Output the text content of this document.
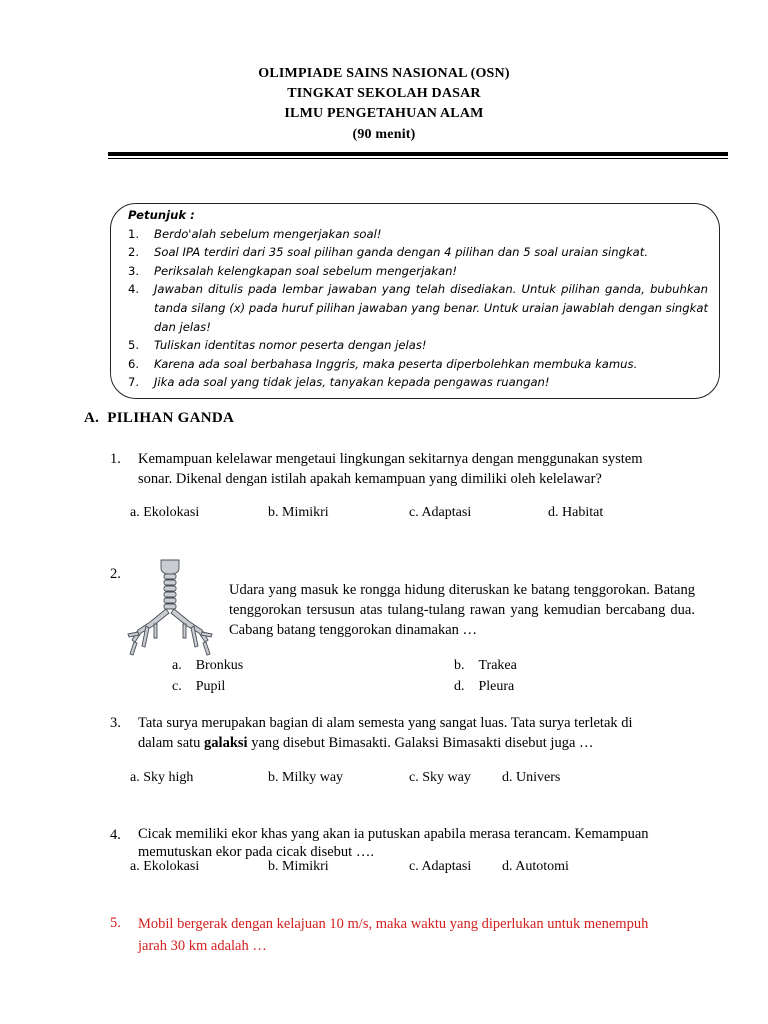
OLIMPIADE SAINS NASIONAL (OSN)
TINGKAT SEKOLAH DASAR
ILMU PENGETAHUAN ALAM
(90 menit)
Petunjuk :
1.	Berdo'alah sebelum mengerjakan soal!
2.	Soal IPA terdiri dari 35 soal pilihan ganda dengan 4 pilihan dan 5 soal uraian singkat.
3.	Periksalah kelengkapan soal sebelum mengerjakan!
4.	Jawaban ditulis pada lembar jawaban yang telah disediakan. Untuk pilihan ganda, bubuhkan tanda silang (x) pada huruf pilihan jawaban yang benar. Untuk uraian jawablah dengan singkat dan jelas!
5.	Tuliskan identitas nomor peserta dengan jelas!
6.	Karena ada soal berbahasa Inggris, maka peserta diperbolehkan membuka kamus.
7.	Jika ada soal yang tidak jelas, tanyakan kepada pengawas ruangan!
A. PILIHAN GANDA
1.	Kemampuan kelelawar mengetaui lingkungan sekitarnya dengan menggunakan system
sonar. Dikenal dengan istilah apakah kemampuan yang dimiliki oleh kelelawar?
a. Ekolokasi	b. Mimikri	c. Adaptasi	d. Habitat
2.
Udara yang masuk ke rongga hidung diteruskan ke batang tenggorokan. Batang tenggorokan tersusun atas tulang-tulang rawan yang kemudian bercabang dua. Cabang batang tenggorokan dinamakan …
a. Bronkus	b. Trakea
c. Pupil	d. Pleura
3. Tata surya merupakan bagian di alam semesta yang sangat luas. Tata surya terletak di
dalam satu galaksi yang disebut Bimasakti. Galaksi Bimasakti disebut juga …
a. Sky high	b. Milky way	c. Sky way d. Univers
4. Cicak memiliki ekor khas yang akan ia putuskan apabila merasa terancam. Kemampuan
memutuskan ekor pada cicak disebut ….
a. Ekolokasi	b. Mimikri	c. Adaptasi d. Autotomi
5. Mobil bergerak dengan kelajuan 10 m/s, maka waktu yang diperlukan untuk menempuh
jarah 30 km adalah …
